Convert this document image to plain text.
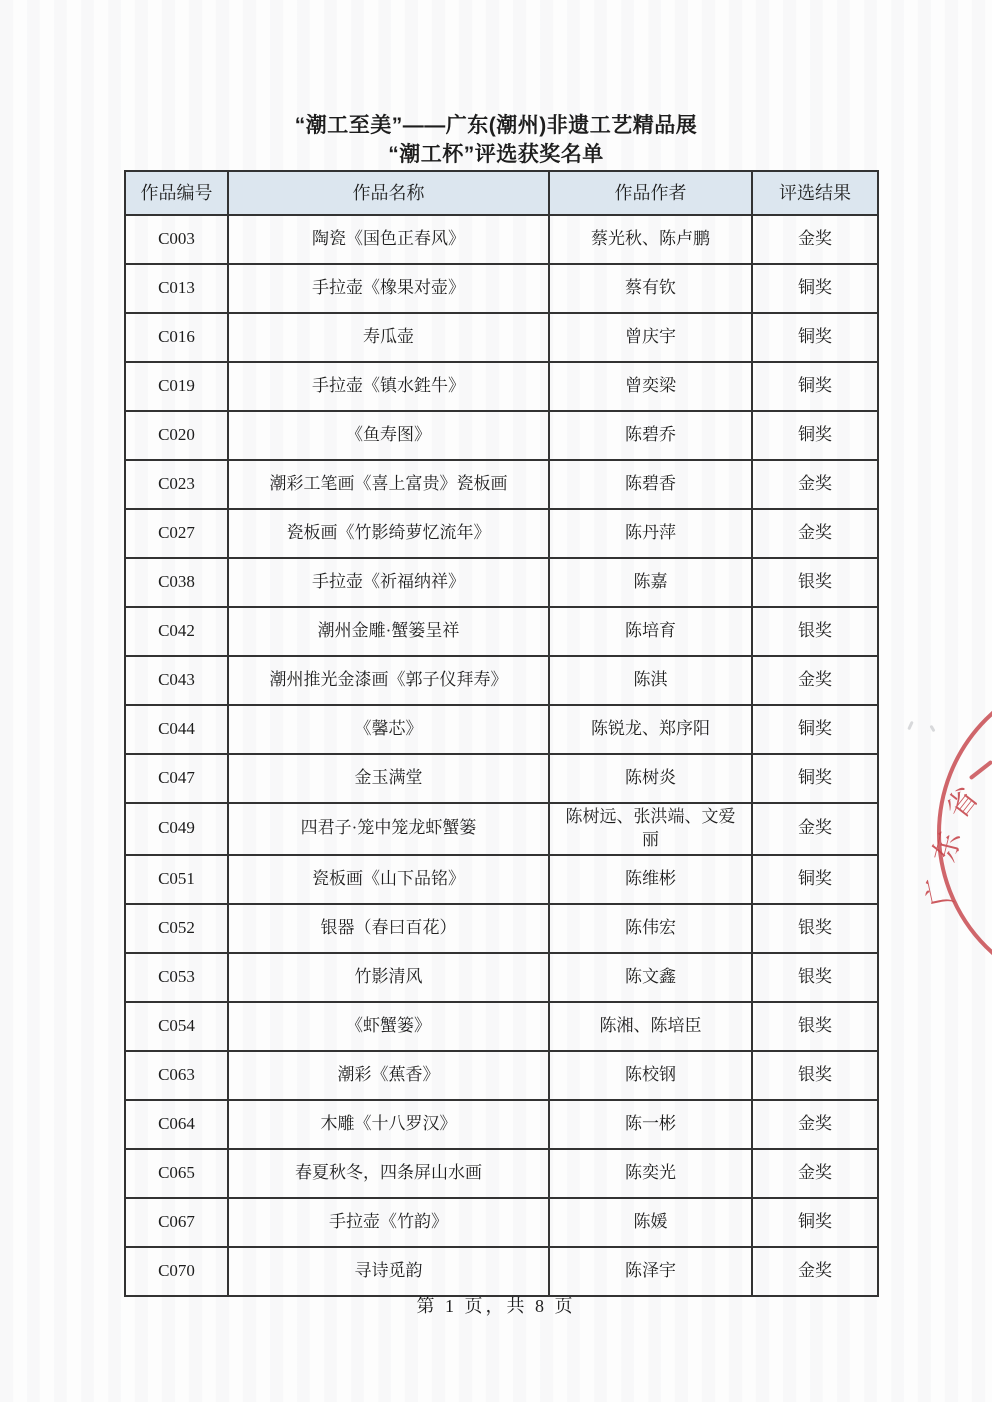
“潮工至美”——广东(潮州)非遗工艺精品展
“潮工杯”评选获奖名单
作品编号	作品名称	作品作者	评选结果
C003	陶瓷《国色正春风》	蔡光秋、陈卢鹏	金奖
C013	手拉壶《橡果对壶》	蔡有钦	铜奖
C016	寿瓜壶	曾庆宇	铜奖
C019	手拉壶《镇水鉎牛》	曾奕梁	铜奖
C020	《鱼寿图》	陈碧乔	铜奖
C023	潮彩工笔画《喜上富贵》瓷板画	陈碧香	金奖
C027	瓷板画《竹影绮萝忆流年》	陈丹萍	金奖
C038	手拉壶《祈福纳祥》	陈嘉	银奖
C042	潮州金雕·蟹篓呈祥	陈培育	银奖
C043	潮州推光金漆画《郭子仪拜寿》	陈淇	金奖
C044	《馨芯》	陈锐龙、郑序阳	铜奖
C047	金玉满堂	陈树炎	铜奖
C049	四君子·笼中笼龙虾蟹篓	陈树远、张洪端、文爱丽	金奖
C051	瓷板画《山下品铭》	陈维彬	铜奖
C052	银器（春曰百花）	陈伟宏	银奖
C053	竹影清风	陈文鑫	银奖
C054	《虾蟹篓》	陈湘、陈培臣	银奖
C063	潮彩《蕉香》	陈校钢	银奖
C064	木雕《十八罗汉》	陈一彬	金奖
C065	春夏秋冬，四条屏山水画	陈奕光	金奖
C067	手拉壶《竹韵》	陈媛	铜奖
C070	寻诗觅韵	陈泽宇	金奖
第 1 页，共 8 页
省
东
广
